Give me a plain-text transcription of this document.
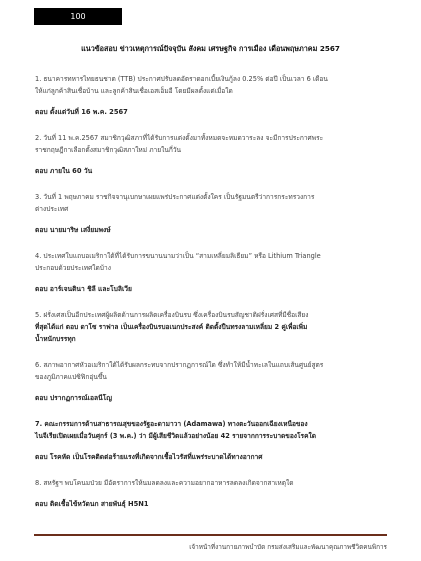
100
แนวข้อสอบ ข่าวเหตุการณ์ปัจจุบัน สังคม เศรษฐกิจ การเมือง เดือนพฤษภาคม 2567
1. ธนาคารทหารไทยธนชาต (TTB) ประกาศปรับลดอัตราดอกเบี้ยเงินกู้ลง 0.25% ต่อปี เป็นเวลา 6 เดือน
ให้แก่ลูกค้าสินเชื่อบ้าน และลูกค้าสินเชื่อเอสเอ็มอี โดยมีผลตั้งแต่เมื่อใด
ตอบ ตั้งแต่วันที่ 16 พ.ค. 2567
2. วันที่ 11 พ.ค.2567 สมาชิกวุฒิสภาที่ได้รับการแต่งตั้งมาทั้งหมดจะหมดวาระลง จะมีการประกาศพระ
ราชกฤษฎีกาเลือกตั้งสมาชิกวุฒิสภาใหม่ ภายในกี่วัน
ตอบ ภายใน 60 วัน
3. วันที่ 1 พฤษภาคม ราชกิจจานุเบกษาเผยแพร่ประกาศแต่งตั้งใคร เป็นรัฐมนตรีว่าการกระทรวงการ
ต่างประเทศ
ตอบ นายมาริษ เสงี่ยมพงษ์
4. ประเทศใบแถบอเมริกาใต้ที่ได้รับการขนานนามว่าเป็น “สามเหลี่ยมลิเธียม” หรือ Lithium Triangle
ประกอบด้วยประเทศใดบ้าง
ตอบ อาร์เจนตินา ชิลี และโบลิเวีย
5. ฝรั่งเศสเป็นอีกประเทศผู้ผลิตด้านการผลิตเครื่องบินรบ ซึ่งเครื่องบินรบสัญชาติฝรั่งเศสที่มีชื่อเสียง
ที่สุดได้แก่ ตอบ ดาโซ ราฟาล เป็นเครื่องบินรบอเนกประสงค์ ติดตั้งปืนทรงลามเหลี่ยม 2 คู่เพื่อเพิ่ม
น้ำหนักบรรทุก
6. สภาพอากาศหัวอเมริกาใต้ได้รับผลกระทบจากปรากฏการณ์ใด ซึ่งทำให้มีน้ำทะเลในแถบเส้นศูนย์สูตร
ของภูมิภาคแปซิฟิกอุ่นขึ้น
ตอบ ปรากฏการณ์เอลนีโญ
7. คณะกรรมการด้านสาธารณสุขของรัฐอะดามาวา (Adamawa) ทางตะวันออกเฉียงเหนือของ
ไนจีเรียเปิดเผยเมื่อวันศุกร์ (3 พ.ค.) ว่า มีผู้เสียชีวิตแล้วอย่างน้อย 42 รายจากการระบาดของโรคใด
ตอบ โรคหัด เป็นโรคติดต่อร้ายแรงที่เกิดจากเชื้อไวรัสที่แพร่ระบาดได้ทางอากาศ
8. สหรัฐฯ พบโคนมป่วย มีอัตราการให้นมลดลงและความอยากอาหารลดลงเกิดจากสาเหตุใด
ตอบ ติดเชื้อไข้หวัดนก สายพันธุ์ H5N1
เจ้าหน้าที่งานกายภาพบำบัด กรมส่งเสริมและพัฒนาคุณภาพชีวิตคนพิการ
